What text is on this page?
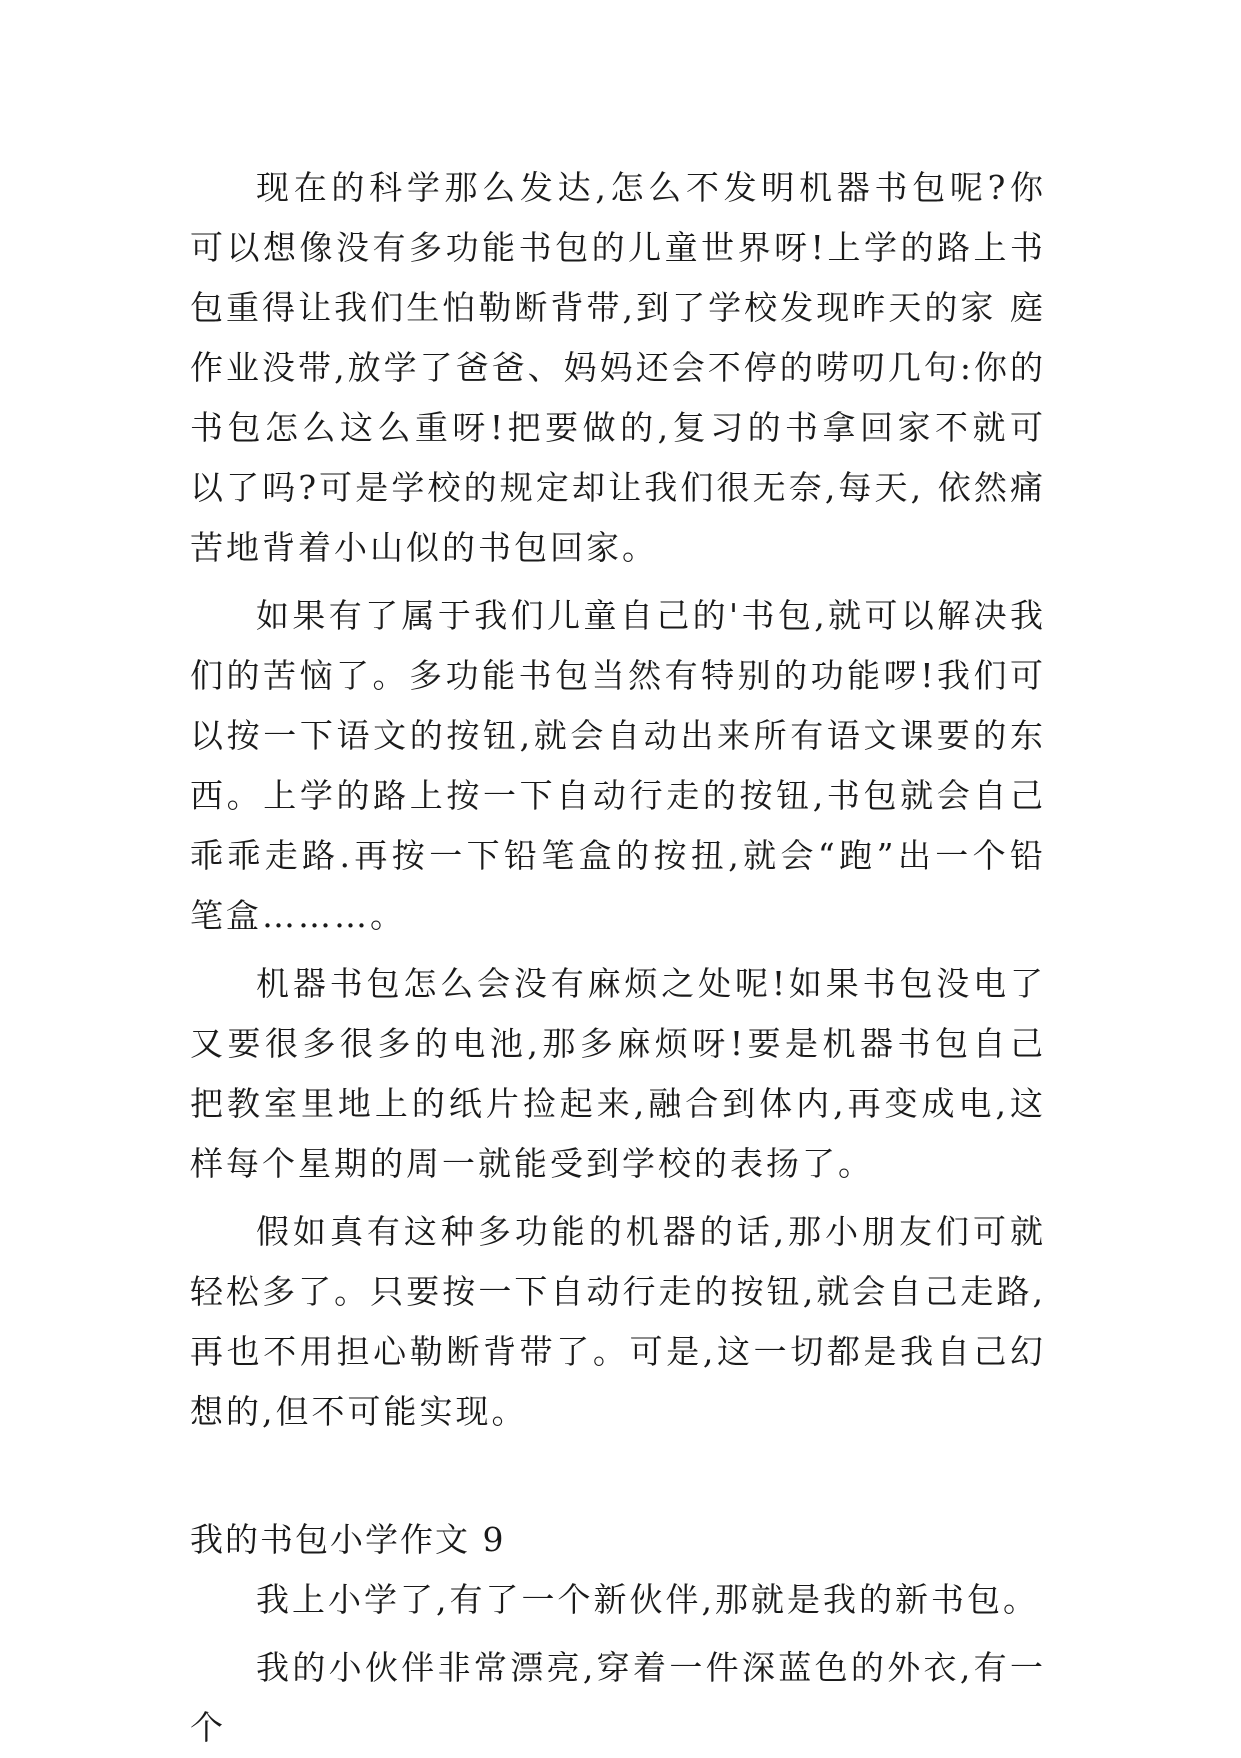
现在的科学那么发达,怎么不发明机器书包呢?你可以想像没有多功能书包的儿童世界呀!上学的路上书包重得让我们生怕勒断背带,到了学校发现昨天的家 庭作业没带,放学了爸爸、妈妈还会不停的唠叨几句:你的书包怎么这么重呀!把要做的,复习的书拿回家不就可以了吗?可是学校的规定却让我们很无奈,每天, 依然痛苦地背着小山似的书包回家。

如果有了属于我们儿童自己的'书包,就可以解决我们的苦恼了。多功能书包当然有特别的功能啰!我们可以按一下语文的按钮,就会自动出来所有语文课要的东西。上学的路上按一下自动行走的按钮,书包就会自己乖乖走路.再按一下铅笔盒的按扭,就会“跑”出一个铅笔盒………。

机器书包怎么会没有麻烦之处呢!如果书包没电了又要很多很多的电池,那多麻烦呀!要是机器书包自己把教室里地上的纸片捡起来,融合到体内,再变成电,这样每个星期的周一就能受到学校的表扬了。

假如真有这种多功能的机器的话,那小朋友们可就轻松多了。只要按一下自动行走的按钮,就会自己走路,再也不用担心勒断背带了。可是,这一切都是我自己幻想的,但不可能实现。

我的书包小学作文 9

我上小学了,有了一个新伙伴,那就是我的新书包。

我的小伙伴非常漂亮,穿着一件深蓝色的外衣,有一个
